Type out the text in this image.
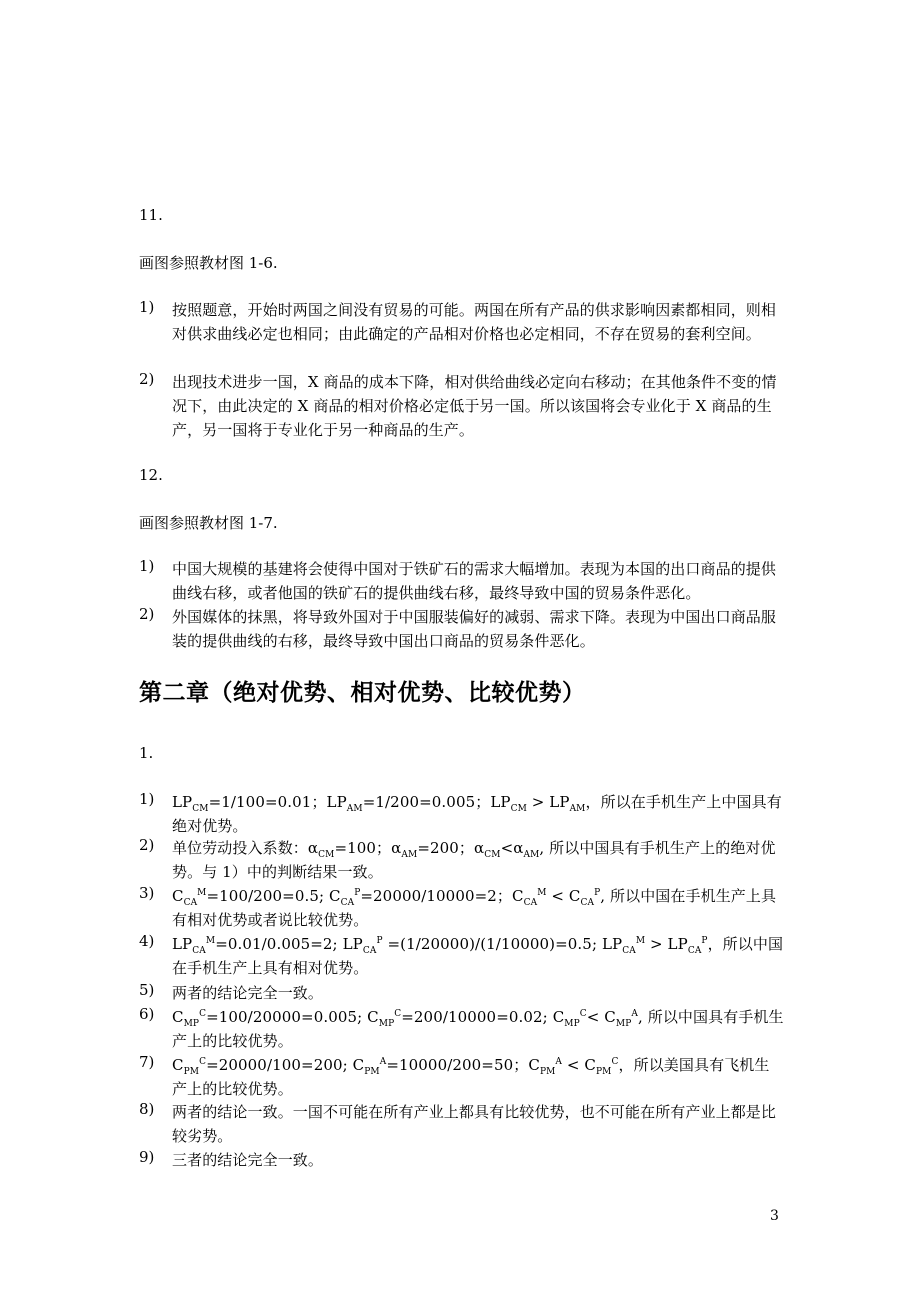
11.
画图参照教材图 1-6.
1)	按照题意，开始时两国之间没有贸易的可能。两国在所有产品的供求影响因素都相同，则相对供求曲线必定也相同；由此确定的产品相对价格也必定相同，不存在贸易的套利空间。
2)	出现技术进步一国，X 商品的成本下降，相对供给曲线必定向右移动；在其他条件不变的情况下，由此决定的 X 商品的相对价格必定低于另一国。所以该国将会专业化于 X 商品的生产，另一国将于专业化于另一种商品的生产。
12.
画图参照教材图 1-7.
1)	中国大规模的基建将会使得中国对于铁矿石的需求大幅增加。表现为本国的出口商品的提供曲线右移，或者他国的铁矿石的提供曲线右移，最终导致中国的贸易条件恶化。
2)	外国媒体的抹黑，将导致外国对于中国服装偏好的减弱、需求下降。表现为中国出口商品服装的提供曲线的右移，最终导致中国出口商品的贸易条件恶化。
第二章（绝对优势、相对优势、比较优势）
1.
1)	$LP_{CM}=1/100=0.01$；$LP_{AM}=1/200=0.005$；$LP_{CM} > LP_{AM}$，所以在手机生产上中国具有绝对优势。
2)	单位劳动投入系数：$\alpha_{CM}=100$；$\alpha_{AM}=200$；$\alpha_{CM}<\alpha_{AM}$, 所以中国具有手机生产上的绝对优势。与 1）中的判断结果一致。
3)	$C_{CA}^M=100/200=0.5$; $C_{CA}^P=20000/10000=2$；$C_{CA}^M < C_{CA}^P$, 所以中国在手机生产上具有相对优势或者说比较优势。
4)	$LP_{CA}^M=0.01/0.005=2$; $LP_{CA}^P =(1/20000)/(1/10000)=0.5$; $LP_{CA}^M > LP_{CA}^P$，所以中国在手机生产上具有相对优势。
5)	两者的结论完全一致。
6)	$C_{MP}^C=100/20000=0.005$; $C_{MP}^C=200/10000=0.02$; $C_{MP}^C< C_{MP}^A$, 所以中国具有手机生产上的比较优势。
7)	$C_{PM}^C=20000/100=200$; $C_{PM}^A=10000/200=50$；$C_{PM}^A < C_{PM}^C$，所以美国具有飞机生产上的比较优势。
8)	两者的结论一致。一国不可能在所有产业上都具有比较优势，也不可能在所有产业上都是比较劣势。
9)	三者的结论完全一致。
3
